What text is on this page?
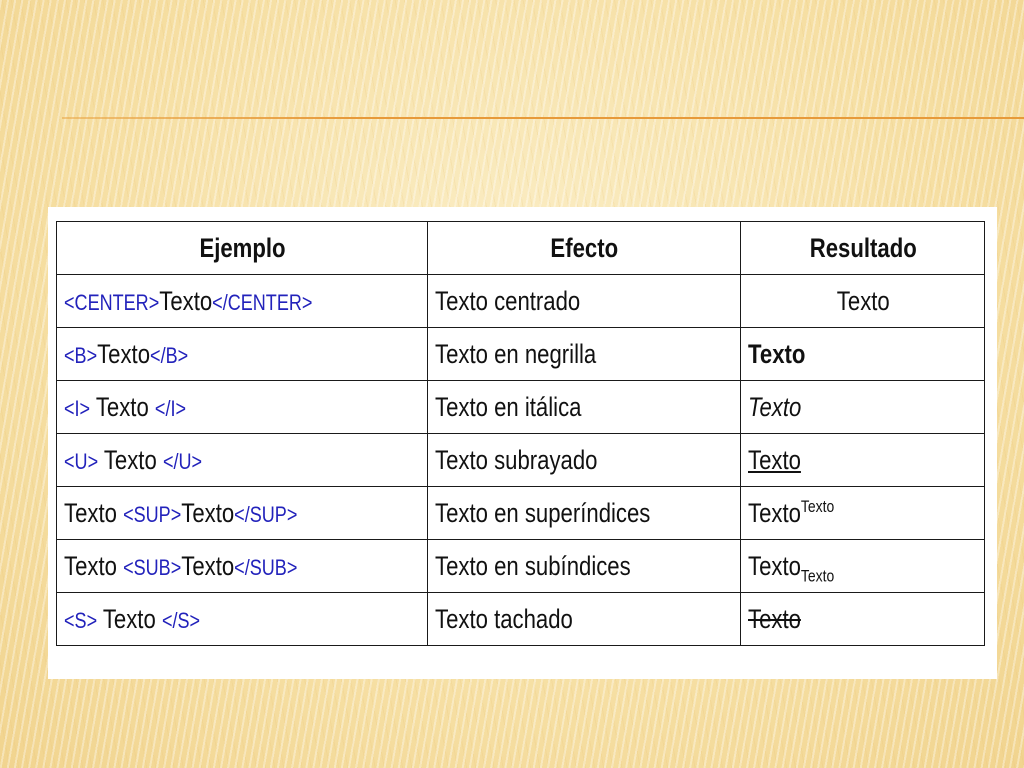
Ejemplo	Efecto	Resultado
<CENTER>Texto</CENTER>	Texto centrado	Texto
<B>Texto</B>	Texto en negrilla	Texto
<I> Texto </I>	Texto en itálica	Texto
<U> Texto </U>	Texto subrayado	Texto
Texto <SUP>Texto</SUP>	Texto en superíndices	Texto$^{Texto}$
Texto <SUB>Texto</SUB>	Texto en subíndices	Texto$_{Texto}$
<S> Texto </S>	Texto tachado	Texto
